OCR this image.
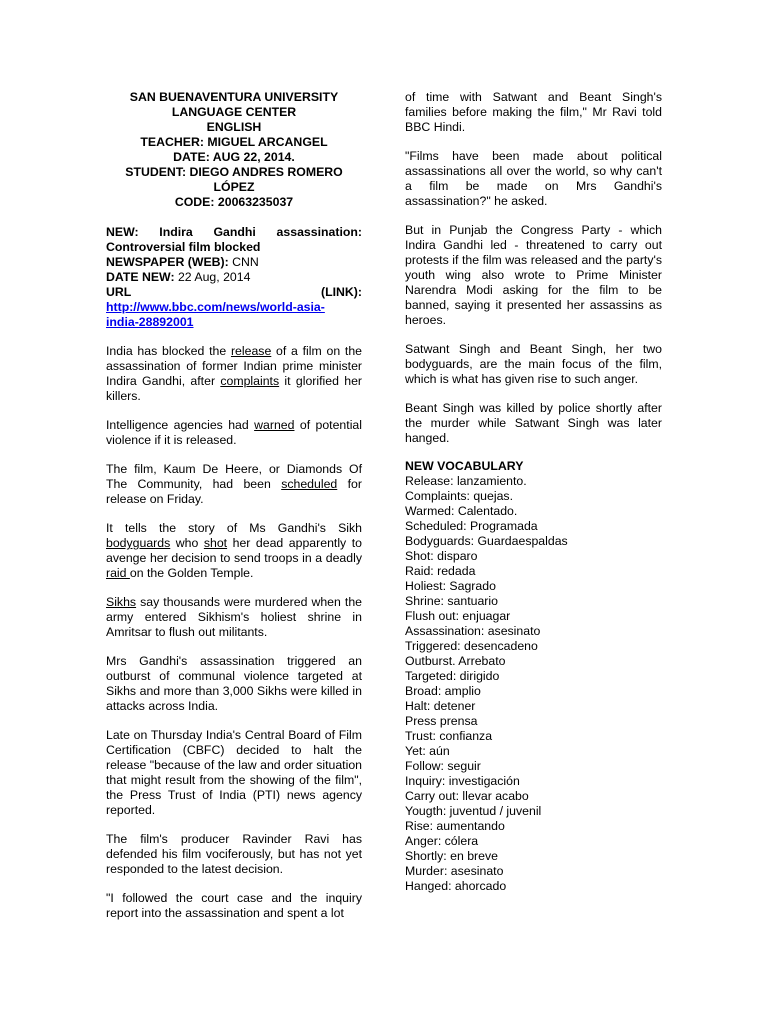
SAN BUENAVENTURA UNIVERSITY
LANGUAGE CENTER
ENGLISH
TEACHER: MIGUEL ARCANGEL
DATE: AUG 22, 2014.
STUDENT: DIEGO ANDRES ROMERO
LÓPEZ
CODE: 20063235037
NEW: Indira Gandhi assassination:
Controversial film blocked
NEWSPAPER (WEB): CNN
DATE NEW: 22 Aug, 2014
URL	(LINK):
http://www.bbc.com/news/world-asia-
india-28892001

India has blocked the release of a film on the assassination of former Indian prime minister Indira Gandhi, after complaints it glorified her killers.

Intelligence agencies had warned of potential violence if it is released.

The film, Kaum De Heere, or Diamonds Of The Community, had been scheduled for release on Friday.

It tells the story of Ms Gandhi's Sikh bodyguards who shot her dead apparently to avenge her decision to send troops in a deadly raid on the Golden Temple.

Sikhs say thousands were murdered when the army entered Sikhism's holiest shrine in Amritsar to flush out militants.

Mrs Gandhi's assassination triggered an outburst of communal violence targeted at Sikhs and more than 3,000 Sikhs were killed in attacks across India.

Late on Thursday India's Central Board of Film Certification (CBFC) decided to halt the release "because of the law and order situation that might result from the showing of the film", the Press Trust of India (PTI) news agency reported.

The film's producer Ravinder Ravi has defended his film vociferously, but has not yet responded to the latest decision.

"I followed the court case and the inquiry report into the assassination and spent a lot

of time with Satwant and Beant Singh's families before making the film," Mr Ravi told BBC Hindi.

"Films have been made about political assassinations all over the world, so why can't a film be made on Mrs Gandhi's assassination?" he asked.

But in Punjab the Congress Party - which Indira Gandhi led - threatened to carry out protests if the film was released and the party's youth wing also wrote to Prime Minister Narendra Modi asking for the film to be banned, saying it presented her assassins as heroes.

Satwant Singh and Beant Singh, her two bodyguards, are the main focus of the film, which is what has given rise to such anger.

Beant Singh was killed by police shortly after the murder while Satwant Singh was later hanged.

NEW VOCABULARY
Release: lanzamiento.
Complaints: quejas.
Warmed: Calentado.
Scheduled: Programada
Bodyguards: Guardaespaldas
Shot: disparo
Raid: redada
Holiest: Sagrado
Shrine: santuario
Flush out: enjuagar
Assassination: asesinato
Triggered: desencadeno
Outburst. Arrebato
Targeted: dirigido
Broad: amplio
Halt: detener
Press prensa
Trust: confianza
Yet: aún
Follow: seguir
Inquiry: investigación
Carry out: llevar acabo
Yougth: juventud / juvenil
Rise: aumentando
Anger: cólera
Shortly: en breve
Murder: asesinato
Hanged: ahorcado
